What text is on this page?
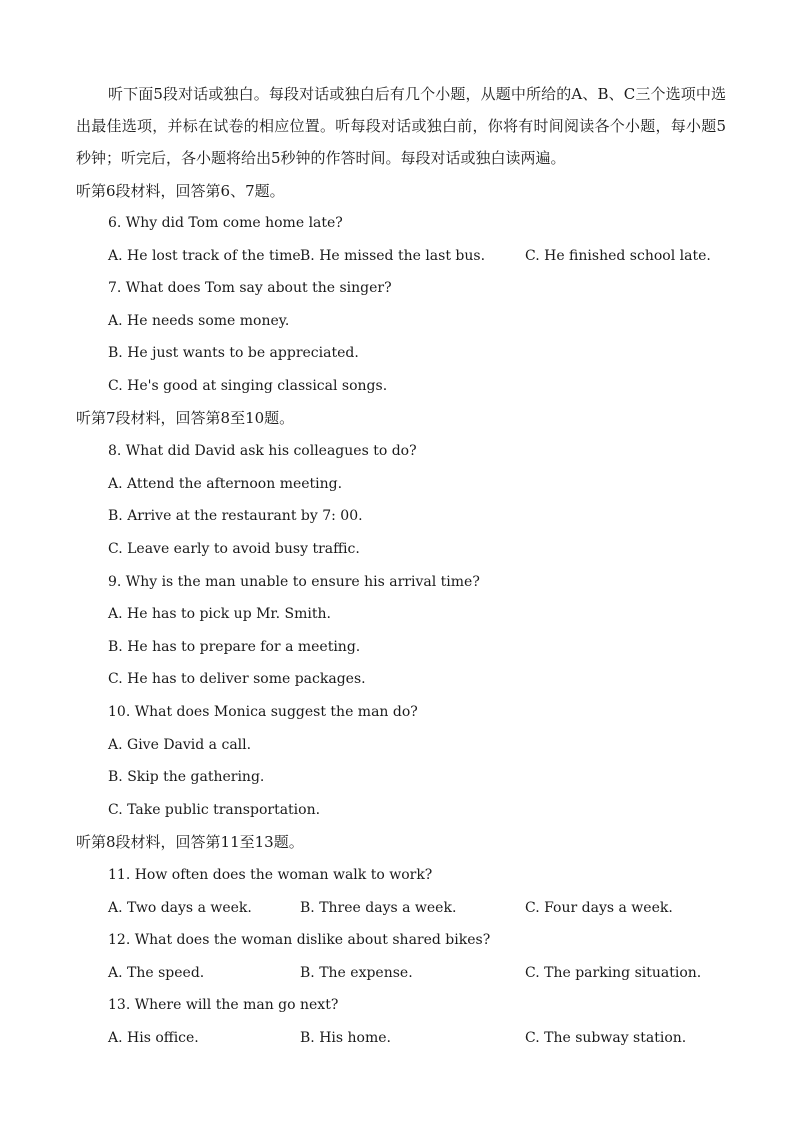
听下面5段对话或独白。每段对话或独白后有几个小题，从题中所给的A、B、C三个选项中选出最佳选项，并标在试卷的相应位置。听每段对话或独白前，你将有时间阅读各个小题，每小题5秒钟；听完后，各小题将给出5秒钟的作答时间。每段对话或独白读两遍。
听第6段材料，回答第6、7题。
6. Why did Tom come home late?
A. He lost track of the time.
B. He missed the last bus.	C. He finished school late.
7. What does Tom say about the singer?
A. He needs some money.
B. He just wants to be appreciated.
C. He's good at singing classical songs.
听第7段材料，回答第8至10题。
8. What did David ask his colleagues to do?
A. Attend the afternoon meeting.
B. Arrive at the restaurant by 7: 00.
C. Leave early to avoid busy traffic.
9. Why is the man unable to ensure his arrival time?
A. He has to pick up Mr. Smith.
B. He has to prepare for a meeting.
C. He has to deliver some packages.
10. What does Monica suggest the man do?
A. Give David a call.
B. Skip the gathering.
C. Take public transportation.
听第8段材料，回答第11至13题。
11. How often does the woman walk to work?
A. Two days a week.	B. Three days a week.	C. Four days a week.
12. What does the woman dislike about shared bikes?
A. The speed.	B. The expense.	C. The parking situation.
13. Where will the man go next?
A. His office.	B. His home.	C. The subway station.
